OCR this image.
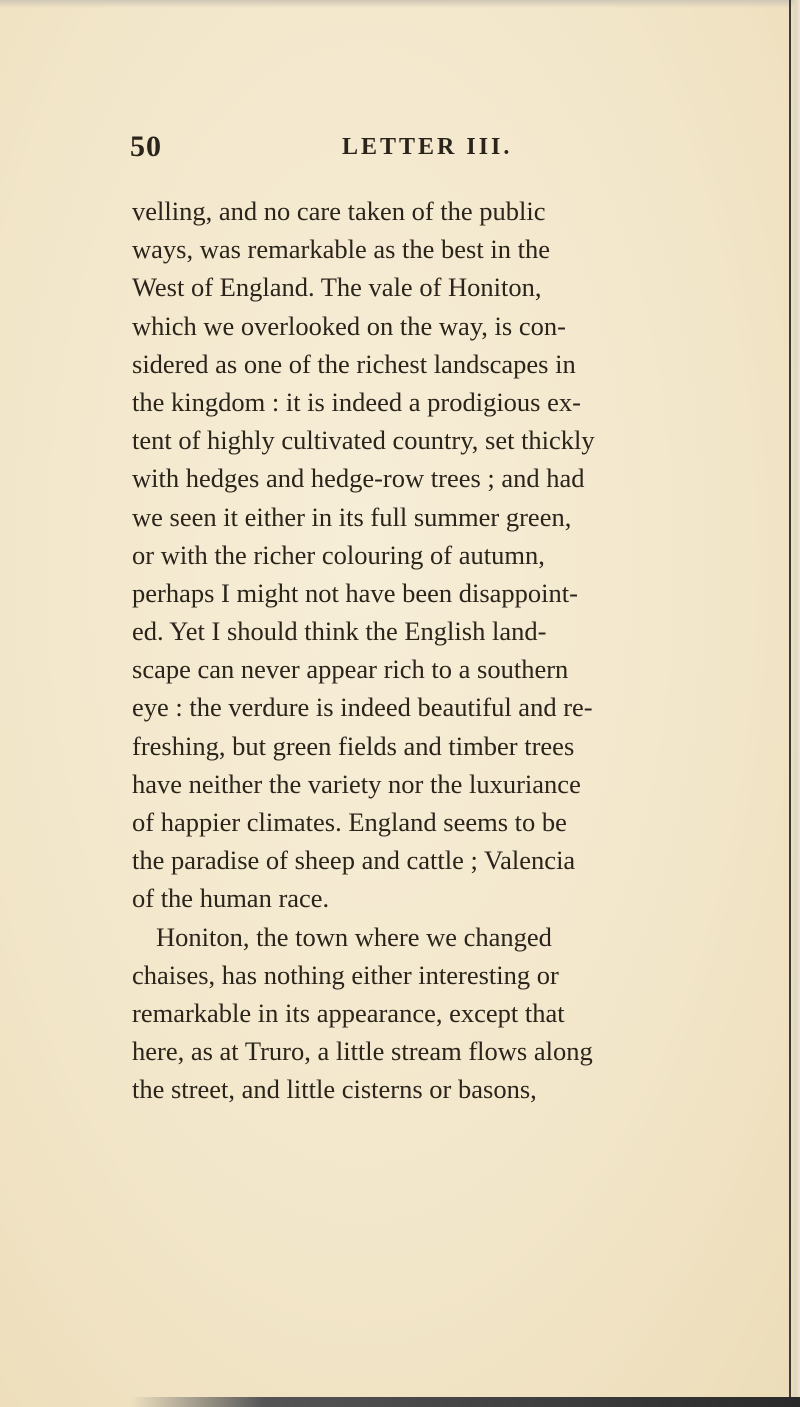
50	LETTER III.
velling, and no care taken of the public
ways, was remarkable as the best in the
West of England. The vale of Honiton,
which we overlooked on the way, is con-
sidered as one of the richest landscapes in
the kingdom : it is indeed a prodigious ex-
tent of highly cultivated country, set thickly
with hedges and hedge-row trees ; and had
we seen it either in its full summer green,
or with the richer colouring of autumn,
perhaps I might not have been disappoint-
ed. Yet I should think the English land-
scape can never appear rich to a southern
eye : the verdure is indeed beautiful and re-
freshing, but green fields and timber trees
have neither the variety nor the luxuriance
of happier climates. England seems to be
the paradise of sheep and cattle ; Valencia
of the human race.
Honiton, the town where we changed
chaises, has nothing either interesting or
remarkable in its appearance, except that
here, as at Truro, a little stream flows along
the street, and little cisterns or basons,
